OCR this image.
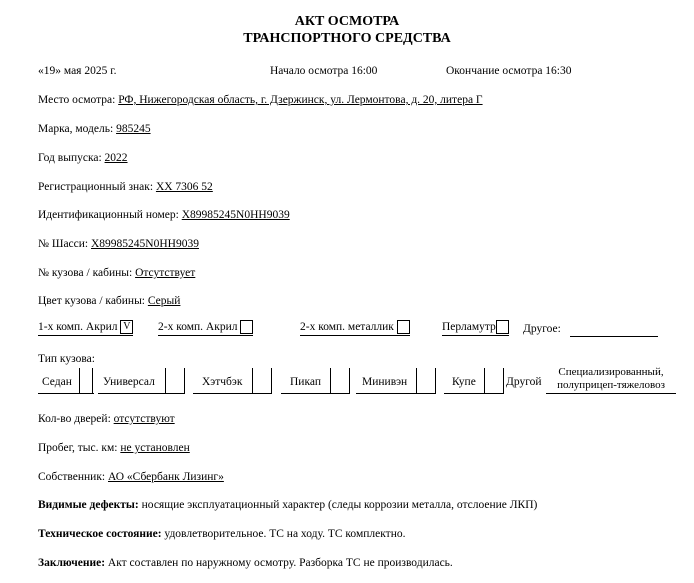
АКТ ОСМОТРА
ТРАНСПОРТНОГО СРЕДСТВА
«19» мая 2025 г.	Начало осмотра 16:00	Окончание осмотра 16:30
Место осмотра: РФ, Нижегородская область, г. Дзержинск, ул. Лермонтова, д. 20, литера Г
Марка, модель: 985245
Год выпуска: 2022
Регистрационный знак: ХХ 7306 52
Идентификационный номер: X89985245N0HH9039
№ Шасси: X89985245N0HH9039
№ кузова / кабины: Отсутствует
Цвет кузова / кабины: Серый
1-х комп. Акрил V 2-х комп. Акрил	2-х комп. металлик	Перламутр	Другое:
Тип кузова:
Седан	Универсал	Хэтчбэк	Пикап	Минивэн	Купе	Другой
Специализированный,
полуприцеп-тяжеловоз
Кол-во дверей: отсутствуют
Пробег, тыс. км: не установлен
Собственник: АО «Сбербанк Лизинг»
Видимые дефекты: носящие эксплуатационный характер (следы коррозии металла, отслоение ЛКП)
Техническое состояние: удовлетворительное. ТС на ходу. ТС комплектно.
Заключение: Акт составлен по наружному осмотру. Разборка ТС не производилась.
